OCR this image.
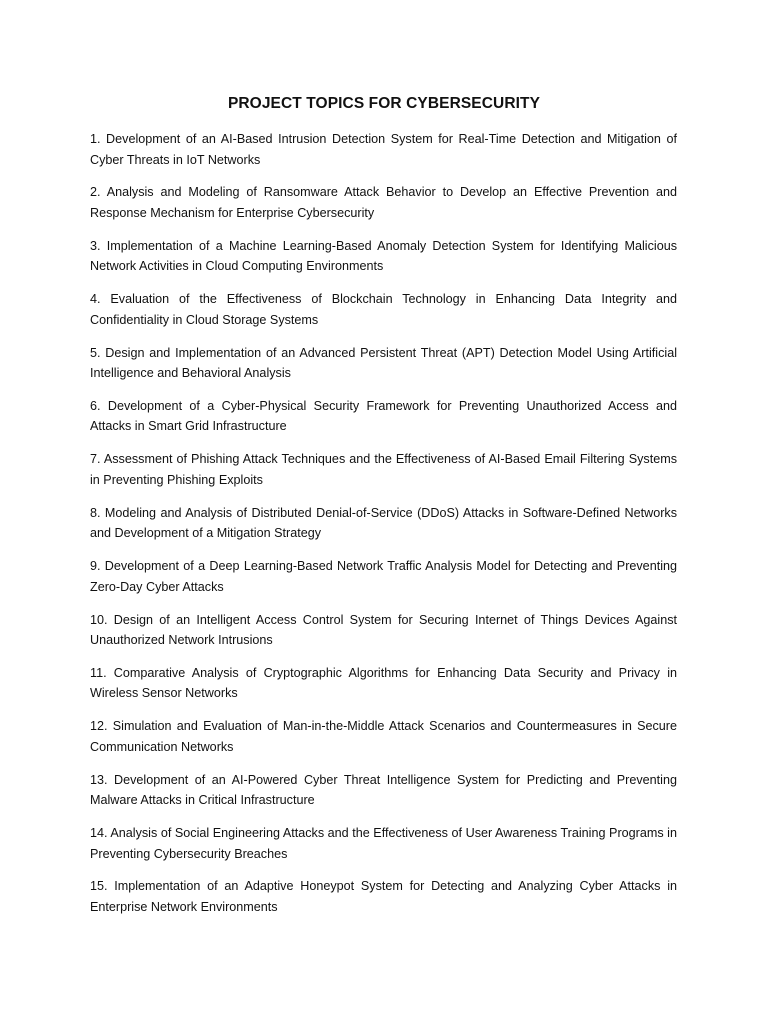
PROJECT TOPICS FOR CYBERSECURITY
1. Development of an AI-Based Intrusion Detection System for Real-Time Detection and Mitigation of Cyber Threats in IoT Networks
2. Analysis and Modeling of Ransomware Attack Behavior to Develop an Effective Prevention and Response Mechanism for Enterprise Cybersecurity
3. Implementation of a Machine Learning-Based Anomaly Detection System for Identifying Malicious Network Activities in Cloud Computing Environments
4. Evaluation of the Effectiveness of Blockchain Technology in Enhancing Data Integrity and Confidentiality in Cloud Storage Systems
5. Design and Implementation of an Advanced Persistent Threat (APT) Detection Model Using Artificial Intelligence and Behavioral Analysis
6. Development of a Cyber-Physical Security Framework for Preventing Unauthorized Access and Attacks in Smart Grid Infrastructure
7. Assessment of Phishing Attack Techniques and the Effectiveness of AI-Based Email Filtering Systems in Preventing Phishing Exploits
8. Modeling and Analysis of Distributed Denial-of-Service (DDoS) Attacks in Software-Defined Networks and Development of a Mitigation Strategy
9. Development of a Deep Learning-Based Network Traffic Analysis Model for Detecting and Preventing Zero-Day Cyber Attacks
10. Design of an Intelligent Access Control System for Securing Internet of Things Devices Against Unauthorized Network Intrusions
11. Comparative Analysis of Cryptographic Algorithms for Enhancing Data Security and Privacy in Wireless Sensor Networks
12. Simulation and Evaluation of Man-in-the-Middle Attack Scenarios and Countermeasures in Secure Communication Networks
13. Development of an AI-Powered Cyber Threat Intelligence System for Predicting and Preventing Malware Attacks in Critical Infrastructure
14. Analysis of Social Engineering Attacks and the Effectiveness of User Awareness Training Programs in Preventing Cybersecurity Breaches
15. Implementation of an Adaptive Honeypot System for Detecting and Analyzing Cyber Attacks in Enterprise Network Environments
